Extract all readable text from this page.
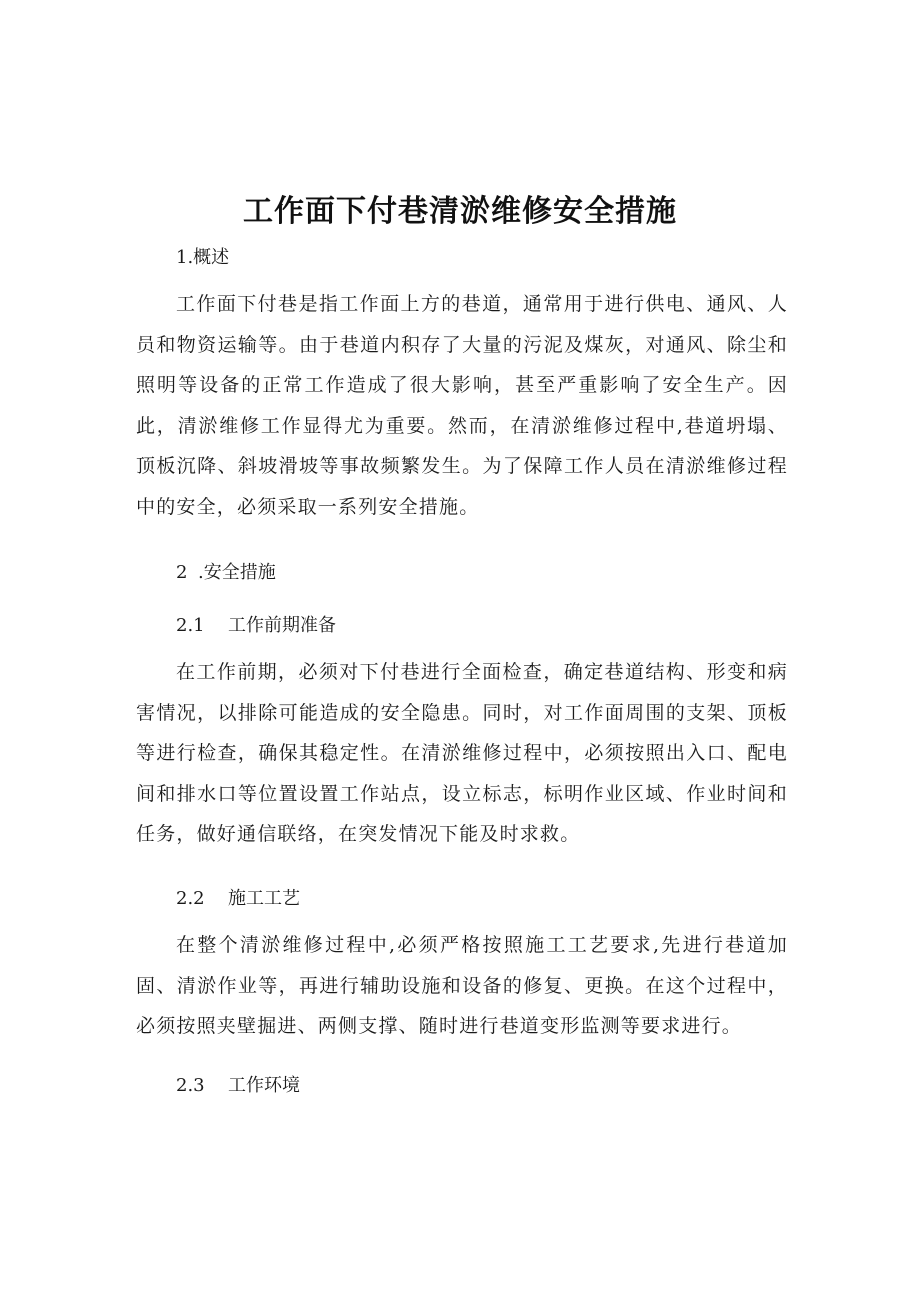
工作面下付巷清淤维修安全措施
1.概述
工作面下付巷是指工作面上方的巷道，通常用于进行供电、通风、人员和物资运输等。由于巷道内积存了大量的污泥及煤灰，对通风、除尘和照明等设备的正常工作造成了很大影响，甚至严重影响了安全生产。因此，清淤维修工作显得尤为重要。然而，在清淤维修过程中,巷道坍塌、顶板沉降、斜坡滑坡等事故频繁发生。为了保障工作人员在清淤维修过程中的安全，必须采取一系列安全措施。
2 .安全措施
2.1 工作前期准备
在工作前期，必须对下付巷进行全面检查，确定巷道结构、形变和病害情况，以排除可能造成的安全隐患。同时，对工作面周围的支架、顶板等进行检查，确保其稳定性。在清淤维修过程中，必须按照出入口、配电间和排水口等位置设置工作站点，设立标志，标明作业区域、作业时间和任务，做好通信联络，在突发情况下能及时求救。
2.2 施工工艺
在整个清淤维修过程中,必须严格按照施工工艺要求,先进行巷道加固、清淤作业等，再进行辅助设施和设备的修复、更换。在这个过程中，必须按照夹壁掘进、两侧支撑、随时进行巷道变形监测等要求进行。
2.3 工作环境
